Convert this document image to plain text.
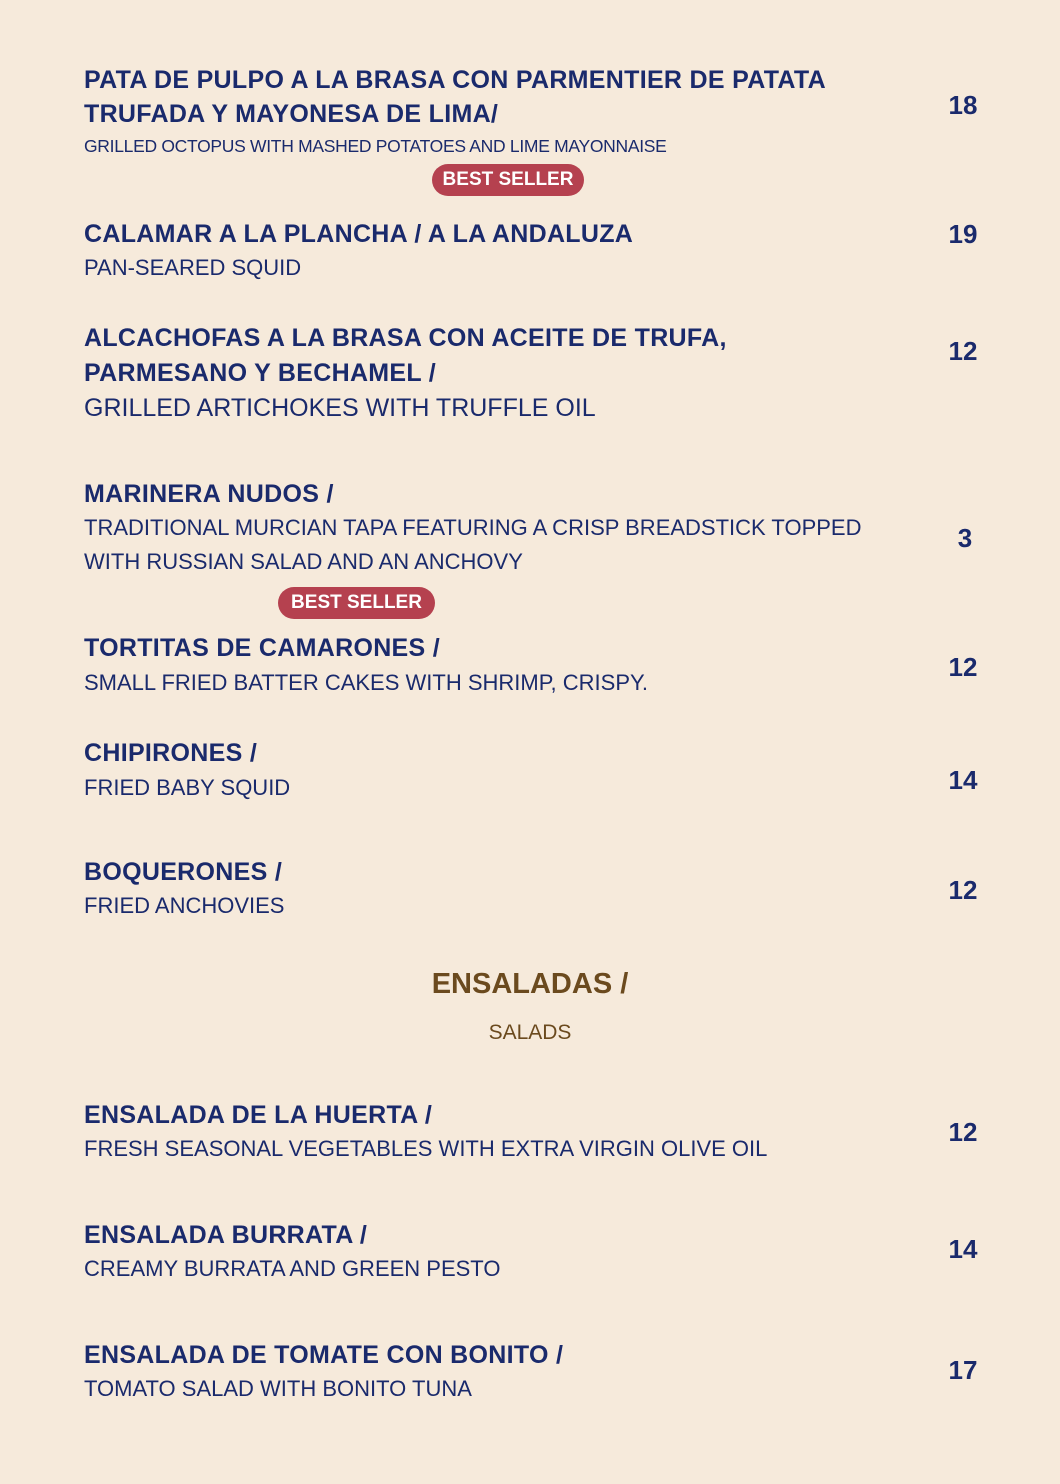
PATA DE PULPO A LA BRASA CON PARMENTIER DE PATATA
TRUFADA Y MAYONESA DE LIMA/
GRILLED OCTOPUS WITH MASHED POTATOES AND LIME MAYONNAISE
18
BEST SELLER
CALAMAR A LA PLANCHA / A LA ANDALUZA
PAN-SEARED SQUID
19
ALCACHOFAS A LA BRASA CON ACEITE DE TRUFA,
PARMESANO Y BECHAMEL /
GRILLED ARTICHOKES WITH TRUFFLE OIL
12
MARINERA NUDOS /
TRADITIONAL MURCIAN TAPA FEATURING A CRISP BREADSTICK TOPPED
WITH RUSSIAN SALAD AND AN ANCHOVY
3
BEST SELLER
TORTITAS DE CAMARONES /
SMALL FRIED BATTER CAKES WITH SHRIMP, CRISPY.
12
CHIPIRONES /
FRIED BABY SQUID	14
BOQUERONES /
FRIED ANCHOVIES
12
ENSALADAS /
SALADS
ENSALADA DE LA HUERTA /
FRESH SEASONAL VEGETABLES WITH EXTRA VIRGIN OLIVE OIL
12
ENSALADA BURRATA /
CREAMY BURRATA AND GREEN PESTO
14
ENSALADA DE TOMATE CON BONITO /
TOMATO SALAD WITH BONITO TUNA
17
